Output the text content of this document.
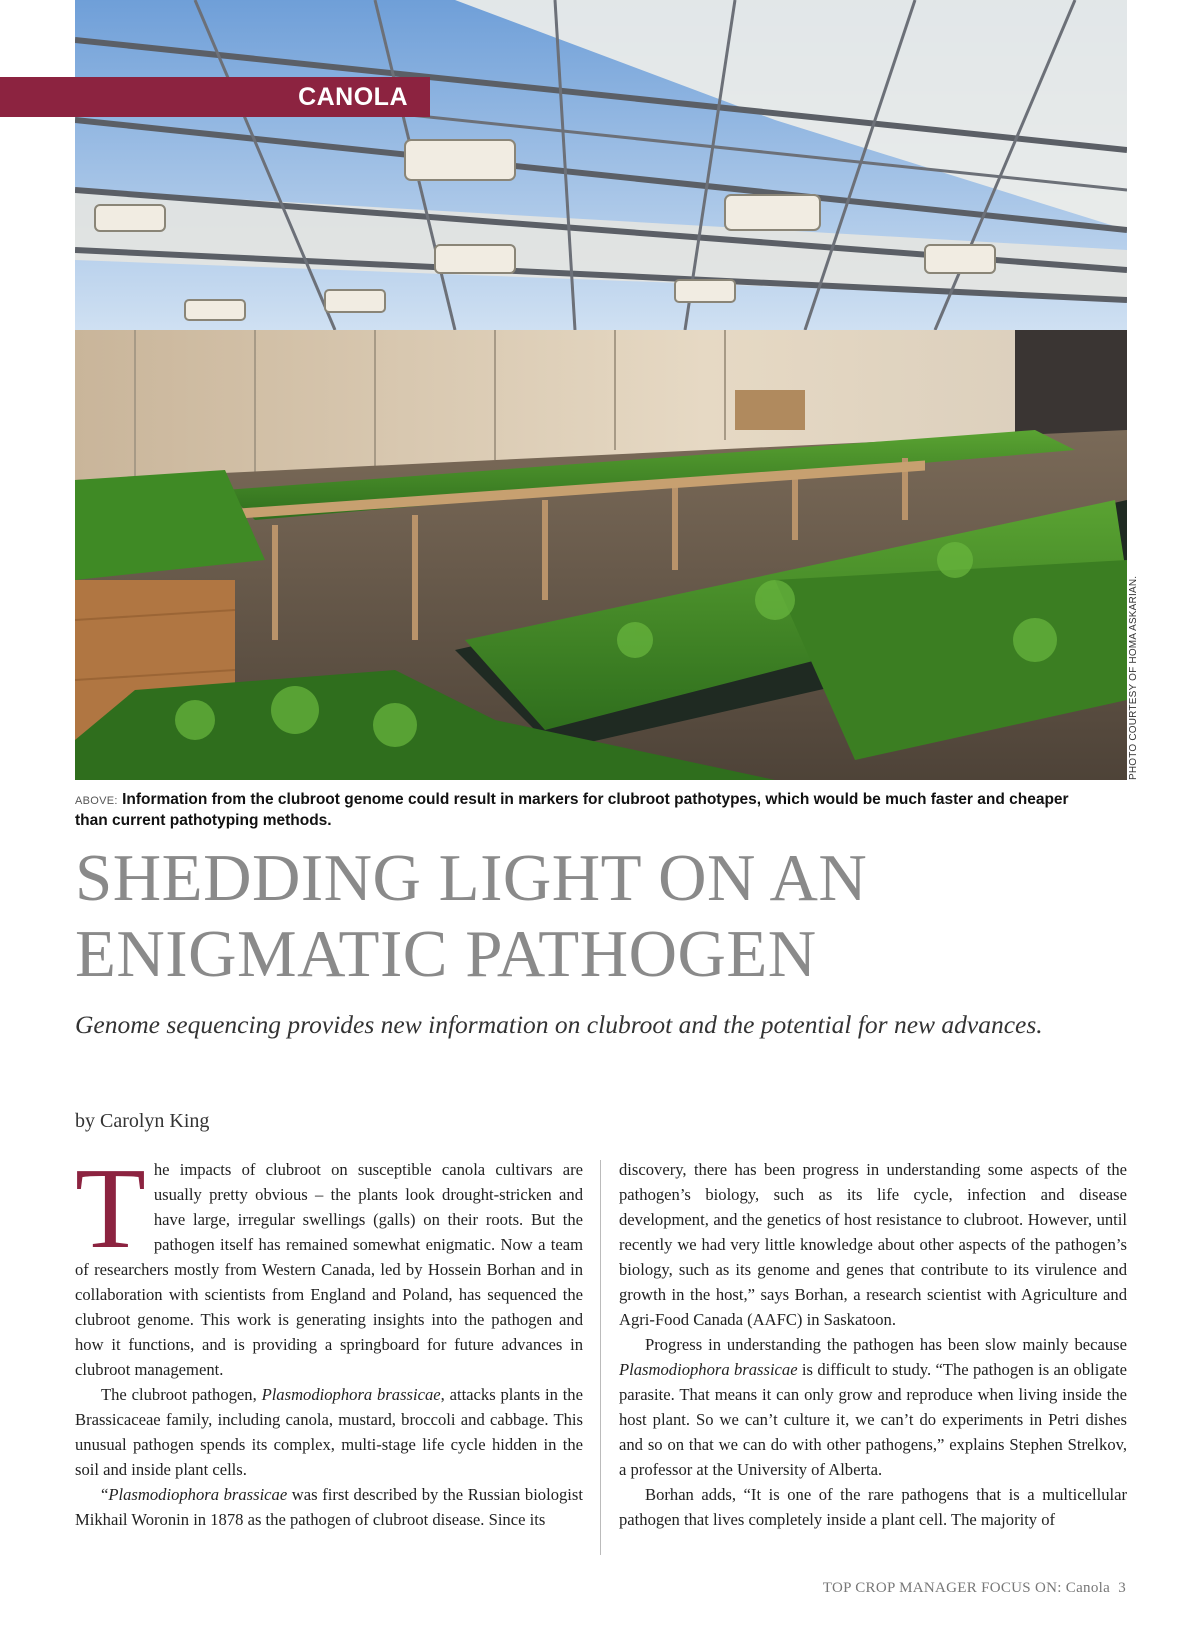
CANOLA
PHOTO COURTESY OF HOMA ASKARIAN.
ABOVE: Information from the clubroot genome could result in markers for clubroot pathotypes, which would be much faster and cheaper than current pathotyping methods.
SHEDDING LIGHT ON AN
ENIGMATIC PATHOGEN
Genome sequencing provides new information on clubroot and the potential for new advances.
by Carolyn King

The impacts of clubroot on susceptible canola cultivars are usually pretty obvious – the plants look drought-stricken and have large, irregular swellings (galls) on their roots. But the pathogen itself has remained somewhat enigmatic. Now a team of researchers mostly from Western Canada, led by Hossein Borhan and in collaboration with scientists from England and Poland, has sequenced the clubroot genome. This work is generating insights into the pathogen and how it functions, and is providing a springboard for future advances in clubroot management.

The clubroot pathogen, Plasmodiophora brassicae, attacks plants in the Brassicaceae family, including canola, mustard, broccoli and cabbage. This unusual pathogen spends its complex, multi-stage life cycle hidden in the soil and inside plant cells.

“Plasmodiophora brassicae was first described by the Russian biologist Mikhail Woronin in 1878 as the pathogen of clubroot disease. Since its

discovery, there has been progress in understanding some aspects of the pathogen’s biology, such as its life cycle, infection and disease development, and the genetics of host resistance to clubroot. However, until recently we had very little knowledge about other aspects of the pathogen’s biology, such as its genome and genes that contribute to its virulence and growth in the host,” says Borhan, a research scientist with Agriculture and Agri-Food Canada (AAFC) in Saskatoon.

Progress in understanding the pathogen has been slow mainly because Plasmodiophora brassicae is difficult to study. “The pathogen is an obligate parasite. That means it can only grow and reproduce when living inside the host plant. So we can’t culture it, we can’t do experiments in Petri dishes and so on that we can do with other pathogens,” explains Stephen Strelkov, a professor at the University of Alberta.

Borhan adds, “It is one of the rare pathogens that is a multicellular pathogen that lives completely inside a plant cell. The majority of

TOP CROP MANAGER FOCUS ON: Canola 3
